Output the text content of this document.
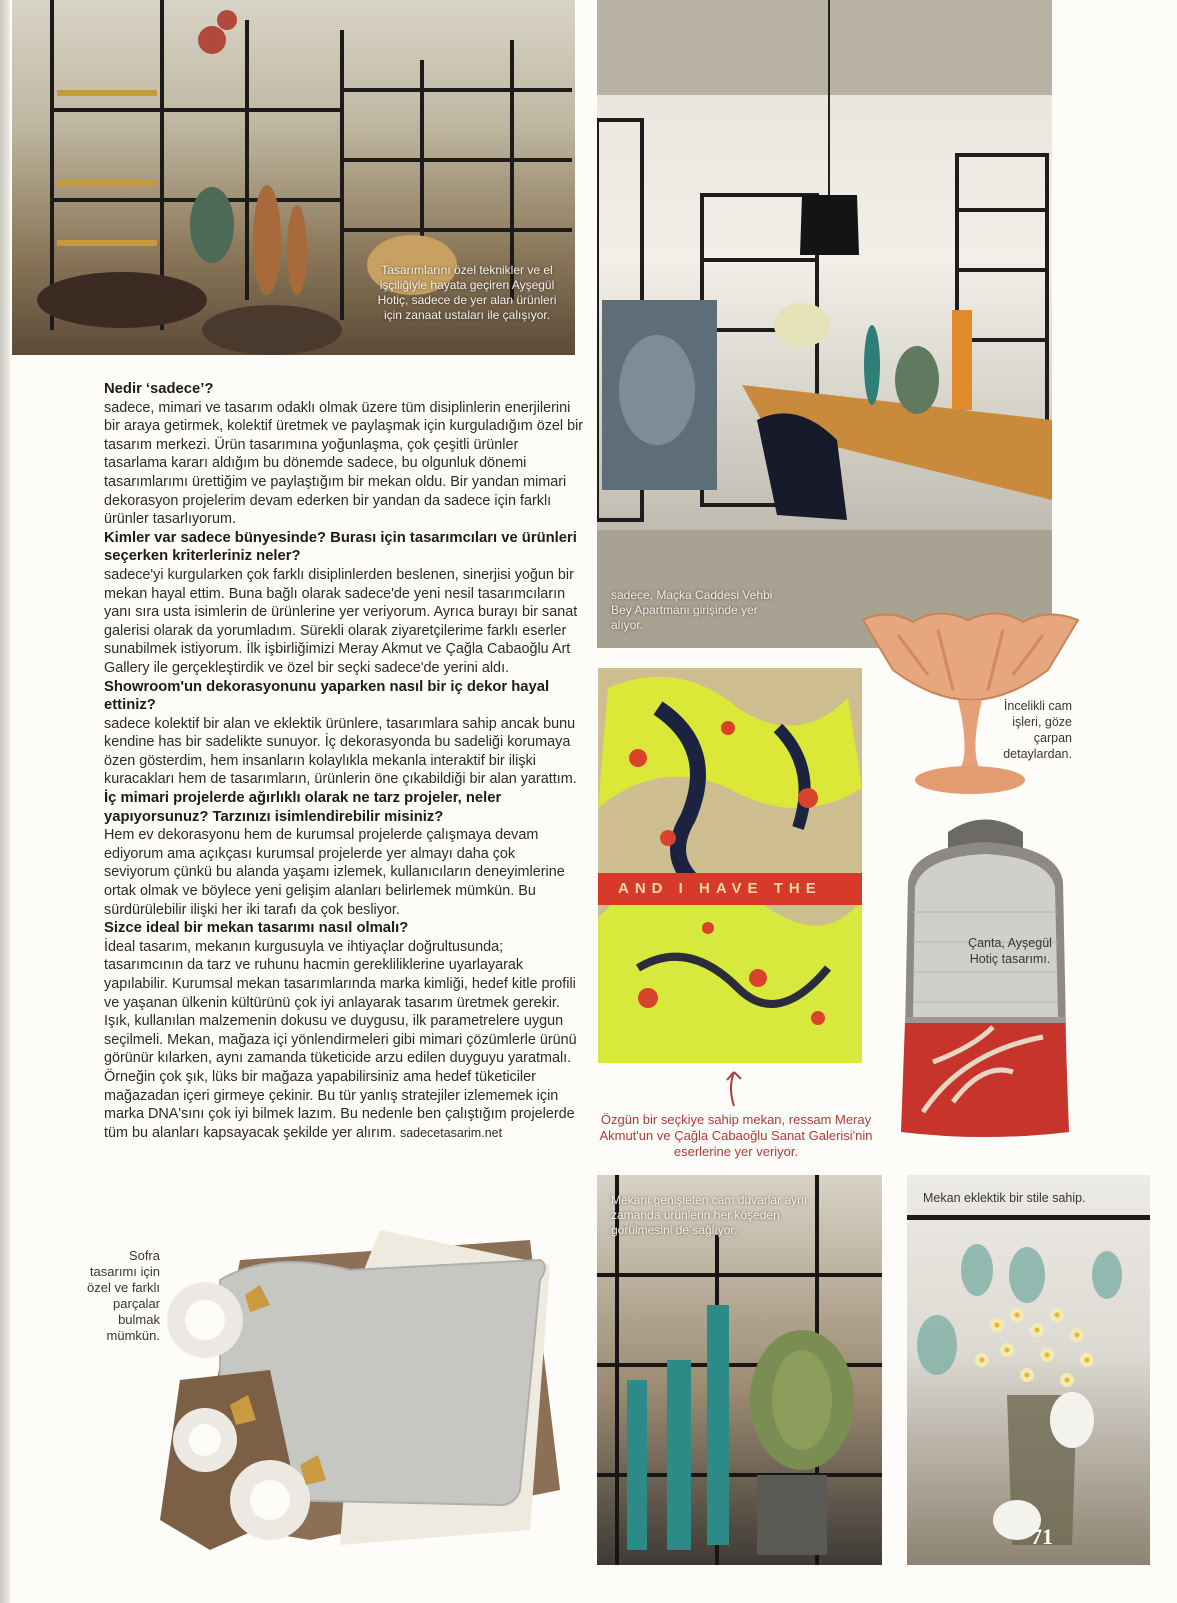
Tasarımlarını özel teknikler ve el işçiliğiyle hayata geçiren Ayşegül Hotiç, sadece de yer alan ürünleri için zanaat ustaları ile çalışıyor.
sadece, Maçka Caddesi Vehbi Bey Apartmanı girişinde yer alıyor.
İncelikli cam işleri, göze çarpan detaylardan.
AND I HAVE THE
Özgün bir seçkiye sahip mekan, ressam Meray Akmut'un ve Çağla Cabaoğlu Sanat Galerisi'nin eserlerine yer veriyor.
Çanta, Ayşegül Hotiç tasarımı.
Mekanı genişleten cam duvarlar aynı zamanda ürünlerin her köşeden görülmesini de sağlıyor.
Mekan eklektik bir stile sahip.
71
Sofra tasarımı için özel ve farklı parçalar bulmak mümkün.
Nedir ‘sadece’?

sadece, mimari ve tasarım odaklı olmak üzere tüm disiplinlerin enerjilerini bir araya getirmek, kolektif üretmek ve paylaşmak için kurguladığım özel bir tasarım merkezi. Ürün tasarımına yoğunlaşma, çok çeşitli ürünler tasarlama kararı aldığım bu dönemde sadece, bu olgunluk dönemi tasarımlarımı ürettiğim ve paylaştığım bir mekan oldu. Bir yandan mimari dekorasyon projelerim devam ederken bir yandan da sadece için farklı ürünler tasarlıyorum.

Kimler var sadece bünyesinde? Burası için tasarımcıları ve ürünleri seçerken kriterleriniz neler?

sadece'yi kurgularken çok farklı disiplinlerden beslenen, sinerjisi yoğun bir mekan hayal ettim. Buna bağlı olarak sadece'de yeni nesil tasarımcıların yanı sıra usta isimlerin de ürünlerine yer veriyorum. Ayrıca burayı bir sanat galerisi olarak da yorumladım. Sürekli olarak ziyaretçilerime farklı eserler sunabilmek istiyorum. İlk işbirliğimizi Meray Akmut ve Çağla Cabaoğlu Art Gallery ile gerçekleştirdik ve özel bir seçki sadece'de yerini aldı.

Showroom'un dekorasyonunu yaparken nasıl bir iç dekor hayal ettiniz?

sadece kolektif bir alan ve eklektik ürünlere, tasarımlara sahip ancak bunu kendine has bir sadelikte sunuyor. İç dekorasyonda bu sadeliği korumaya özen gösterdim, hem insanların kolaylıkla mekanla interaktif bir ilişki kuracakları hem de tasarımların, ürünlerin öne çıkabildiği bir alan yarattım.

İç mimari projelerde ağırlıklı olarak ne tarz projeler, neler yapıyorsunuz? Tarzınızı isimlendirebilir misiniz?

Hem ev dekorasyonu hem de kurumsal projelerde çalışmaya devam ediyorum ama açıkçası kurumsal projelerde yer almayı daha çok seviyorum çünkü bu alanda yaşamı izlemek, kullanıcıların deneyimlerine ortak olmak ve böylece yeni gelişim alanları belirlemek mümkün. Bu sürdürülebilir ilişki her iki tarafı da çok besliyor.

Sizce ideal bir mekan tasarımı nasıl olmalı?

İdeal tasarım, mekanın kurgusuyla ve ihtiyaçlar doğrultusunda; tasarımcının da tarz ve ruhunu hacmin gerekliliklerine uyarlayarak yapılabilir. Kurumsal mekan tasarımlarında marka kimliği, hedef kitle profili ve yaşanan ülkenin kültürünü çok iyi anlayarak tasarım üretmek gerekir. Işık, kullanılan malzemenin dokusu ve duygusu, ilk parametrelere uygun seçilmeli. Mekan, mağaza içi yönlendirmeleri gibi mimari çözümlerle ürünü görünür kılarken, aynı zamanda tüketicide arzu edilen duyguyu yaratmalı. Örneğin çok şık, lüks bir mağaza yapabilirsiniz ama hedef tüketiciler mağazadan içeri girmeye çekinir. Bu tür yanlış stratejiler izlememek için marka DNA'sını çok iyi bilmek lazım. Bu nedenle ben çalıştığım projelerde tüm bu alanları kapsayacak şekilde yer alırım. sadecetasarim.net
